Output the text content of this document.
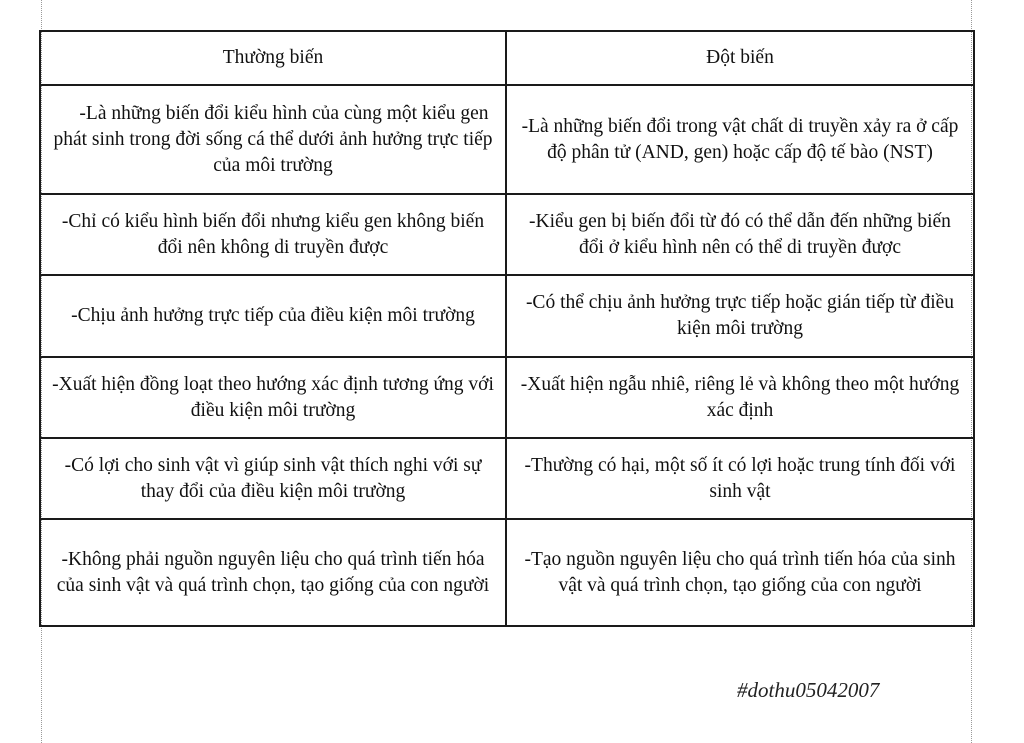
Thường biến	Đột biến
-Là những biến đổi kiểu hình của cùng một kiểu gen phát sinh trong đời sống cá thể dưới ảnh hưởng trực tiếp của môi trường	-Là những biến đổi trong vật chất di truyền xảy ra ở cấp độ phân tử (AND, gen) hoặc cấp độ tế bào (NST)
-Chỉ có kiểu hình biến đổi nhưng kiểu gen không biến đổi nên không di truyền được	-Kiểu gen bị biến đổi từ đó có thể dẫn đến những biến đổi ở kiểu hình nên có thể di truyền được
-Chịu ảnh hưởng trực tiếp của điều kiện môi trường	-Có thể chịu ảnh hưởng trực tiếp hoặc gián tiếp từ điều kiện môi trường
-Xuất hiện đồng loạt theo hướng xác định tương ứng với điều kiện môi trường	-Xuất hiện ngẫu nhiê, riêng lẻ và không theo một hướng xác định
-Có lợi cho sinh vật vì giúp sinh vật thích nghi với sự thay đổi của điều kiện môi trường	-Thường có hại, một số ít có lợi hoặc trung tính đối với sinh vật
-Không phải nguồn nguyên liệu cho quá trình tiến hóa của sinh vật và quá trình chọn, tạo giống của con người	-Tạo nguồn nguyên liệu cho quá trình tiến hóa của sinh vật và quá trình chọn, tạo giống của con người
#dothu05042007
